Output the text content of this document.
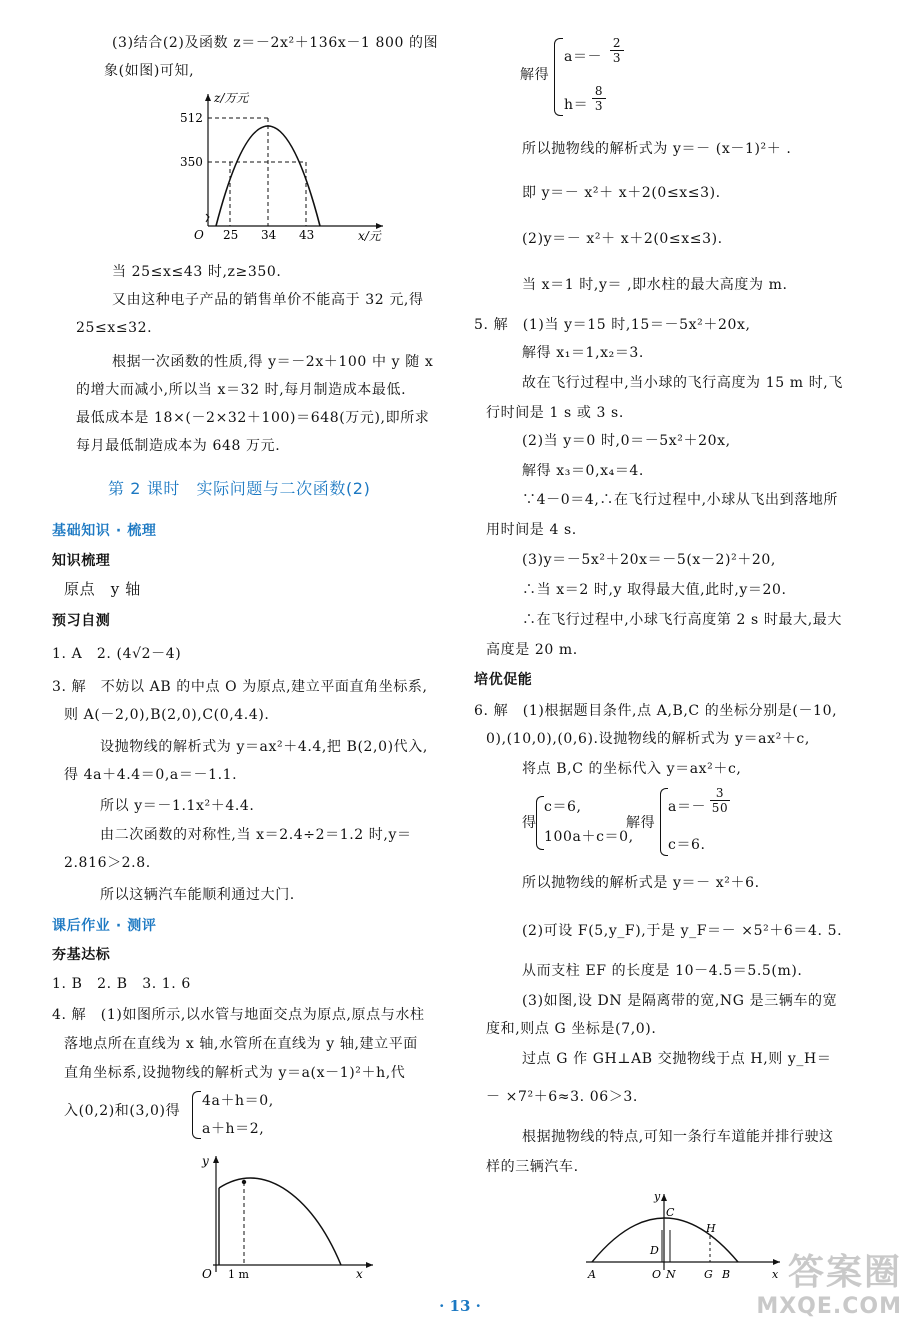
(3)结合(2)及函数 z＝－2x²＋136x－1 800 的图
象(如图)可知,
z/万元
x/元
O
512
350
25 34 43
当 25≤x≤43 时,z≥350.
又由这种电子产品的销售单价不能高于 32 元,得
25≤x≤32.
根据一次函数的性质,得 y＝－2x＋100 中 y 随 x
的增大而减小,所以当 x＝32 时,每月制造成本最低.
最低成本是 18×(－2×32＋100)＝648(万元),即所求
每月最低制造成本为 648 万元.
第 2 课时　实际问题与二次函数(2)
基础知识 · 梳理
知识梳理
原点　y 轴
预习自测
1. A　2. (4√2－4)
3. 解　不妨以 AB 的中点 O 为原点,建立平面直角坐标系,
则 A(－2,0),B(2,0),C(0,4.4).
设抛物线的解析式为 y＝ax²＋4.4,把 B(2,0)代入,
得 4a＋4.4＝0,a＝－1.1.
所以 y＝－1.1x²＋4.4.
由二次函数的对称性,当 x＝2.4÷2＝1.2 时,y＝
2.816＞2.8.
所以这辆汽车能顺利通过大门.
课后作业 · 测评
夯基达标
1. B　2. B　3. 1. 6
4. 解　(1)如图所示,以水管与地面交点为原点,原点与水柱
落地点所在直线为 x 轴,水管所在直线为 y 轴,建立平面
直角坐标系,设抛物线的解析式为 y＝a(x－1)²＋h,代
入(0,2)和(3,0)得
4a＋h＝0,
a＋h＝2,
y
x
O 1 m
解得
a＝－
2
3
h＝
8
3
所以抛物线的解析式为 y＝－ (x－1)²＋ .
即 y＝－ x²＋ x＋2(0≤x≤3).
(2)y＝－ x²＋ x＋2(0≤x≤3).
当 x＝1 时,y＝ ,即水柱的最大高度为 m.
5. 解　(1)当 y＝15 时,15＝－5x²＋20x,
解得 x₁＝1,x₂＝3.
故在飞行过程中,当小球的飞行高度为 15 m 时,飞
行时间是 1 s 或 3 s.
(2)当 y＝0 时,0＝－5x²＋20x,
解得 x₃＝0,x₄＝4.
∵4－0＝4,∴在飞行过程中,小球从飞出到落地所
用时间是 4 s.
(3)y＝－5x²＋20x＝－5(x－2)²＋20,
∴当 x＝2 时,y 取得最大值,此时,y＝20.
∴在飞行过程中,小球飞行高度第 2 s 时最大,最大
高度是 20 m.
培优促能
6. 解　(1)根据题目条件,点 A,B,C 的坐标分别是(－10,
0),(10,0),(0,6).设抛物线的解析式为 y＝ax²＋c,
将点 B,C 的坐标代入 y＝ax²＋c,
得
c＝6,
100a＋c＝0,
解得
a＝－
3
50
c＝6.
所以抛物线的解析式是 y＝－ x²＋6.
(2)可设 F(5,y_F),于是 y_F＝－ ×5²＋6＝4. 5.
从而支柱 EF 的长度是 10－4.5＝5.5(m).
(3)如图,设 DN 是隔离带的宽,NG 是三辆车的宽
度和,则点 G 坐标是(7,0).
过点 G 作 GH⊥AB 交抛物线于点 H,则 y_H＝
－ ×7²＋6≈3. 06＞3.
根据抛物线的特点,可知一条行车道能并排行驶这
样的三辆汽车.
y
C
H
D
A	O N	G B	x
· 13 ·
答案圈
MXQE.COM
